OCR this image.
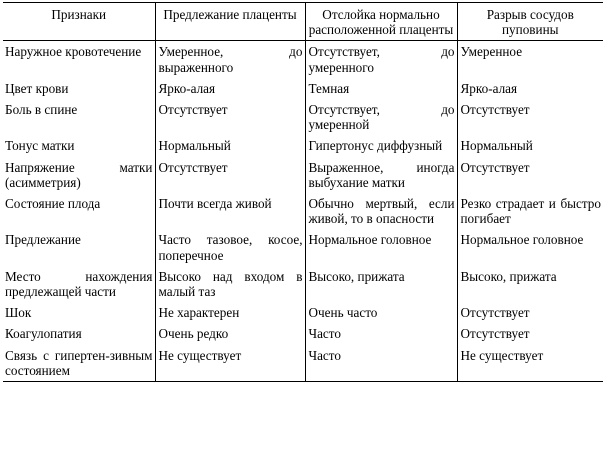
Признаки	Предлежание плаценты	Отслойка нормально расположенной плаценты	Разрыв сосудов пуповины
Наружное кровотечение	Умеренное, до выраженного	Отсутствует, до умеренного	Умеренное
Цвет крови	Ярко-алая	Темная	Ярко-алая
Боль в спине	Отсутствует	Отсутствует, до умеренной	Отсутствует
Тонус матки	Нормальный	Гипертонус диффузный	Нормальный
Напряжение матки (асимметрия)	Отсутствует	Выраженное, иногда выбухание матки	Отсутствует
Состояние плода	Почти всегда живой	Обычно мертвый, если живой, то в опасности	Резко страдает и быстро погибает
Предлежание	Часто тазовое, косое, поперечное	Нормальное головное	Нормальное головное
Место нахождения предлежащей части	Высоко над входом в малый таз	Высоко, прижата	Высоко, прижата
Шок	Не характерен	Очень часто	Отсутствует
Коагулопатия	Очень редко	Часто	Отсутствует
Связь с гипертен-зивным состоянием	Не существует	Часто	Не существует
